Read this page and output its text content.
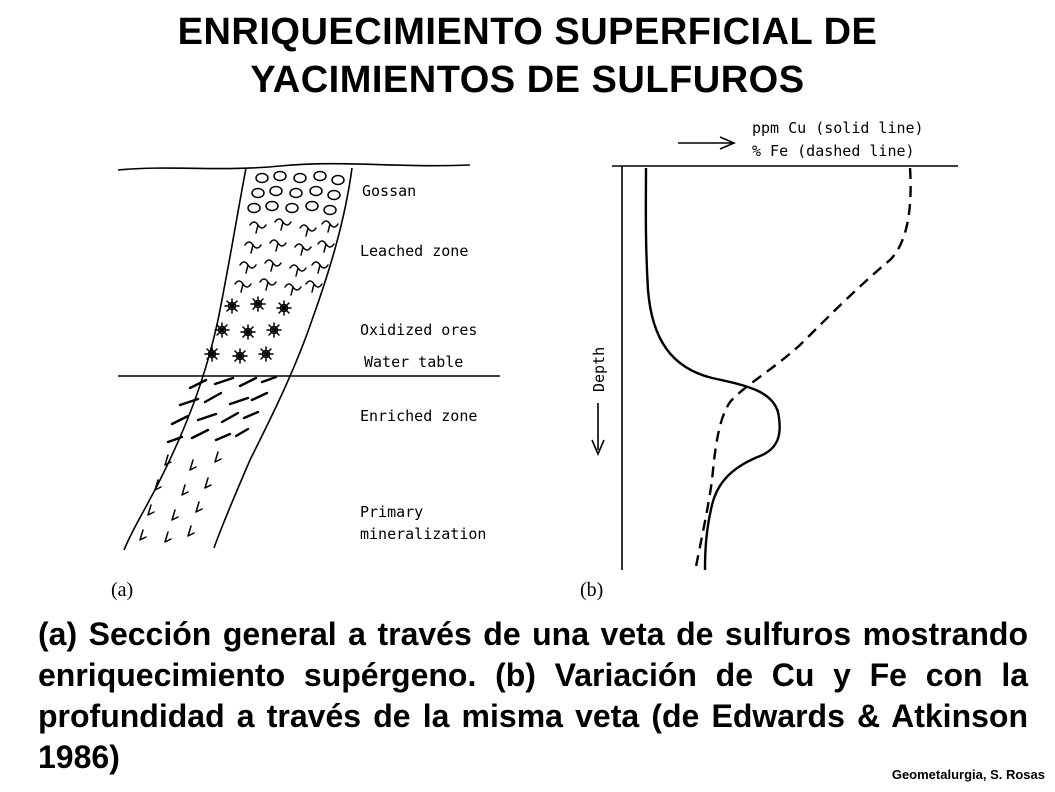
ENRIQUECIMIENTO SUPERFICIAL DE
YACIMIENTOS DE SULFUROS
Gossan
Leached zone
Oxidized ores
Water table
Enriched zone
Primary
mineralization
(a)
ppm Cu (solid line)
% Fe (dashed line)
Depth
(b)
(a) Sección general a través de una veta de sulfuros mostrando enriquecimiento supérgeno. (b) Variación de Cu y Fe con la profundidad a través de la misma veta (de Edwards & Atkinson 1986)	Geometalurgia, S. Rosas
